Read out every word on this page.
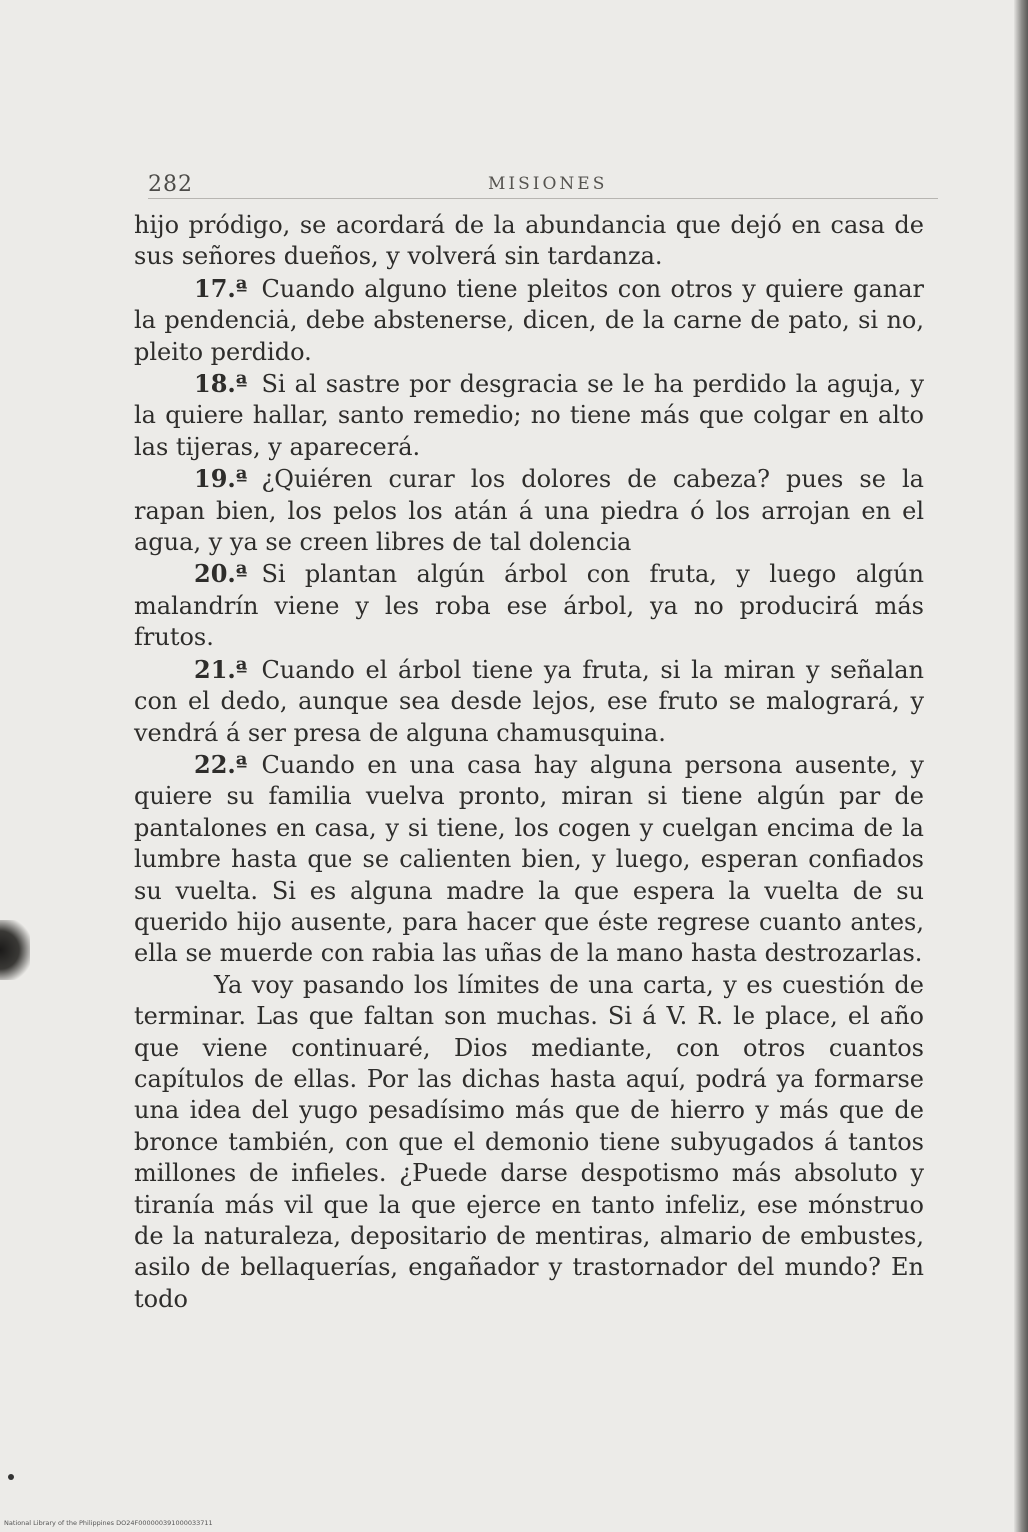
282	MISIONES

hijo pródigo, se acordará de la abundancia que dejó en casa de sus señores dueños, y volverá sin tardanza.

17.ª Cuando alguno tiene pleitos con otros y quiere ganar la pendenciȧ, debe abstenerse, dicen, de la carne de pato, si no, pleito perdido.

18.ª Si al sastre por desgracia se le ha perdido la aguja, y la quiere hallar, santo remedio; no tiene más que colgar en alto las tijeras, y aparecerá.

19.ª ¿Quiéren curar los dolores de cabeza? pues se la rapan bien, los pelos los atán á una piedra ó los arrojan en el agua, y ya se creen libres de tal dolencia

20.ª Si plantan algún árbol con fruta, y luego algún malandrín viene y les roba ese árbol, ya no producirá más frutos.

21.ª Cuando el árbol tiene ya fruta, si la miran y señalan con el dedo, aunque sea desde lejos, ese fruto se malogrará, y vendrá á ser presa de alguna chamusquina.

22.ª Cuando en una casa hay alguna persona ausente, y quiere su familia vuelva pronto, miran si tiene algún par de pantalones en casa, y si tiene, los cogen y cuelgan encima de la lumbre hasta que se calienten bien, y luego, esperan confiados su vuelta. Si es alguna madre la que espera la vuelta de su querido hijo ausente, para hacer que éste regrese cuanto antes, ella se muerde con rabia las uñas de la mano hasta destrozarlas.

Ya voy pasando los límites de una carta, y es cuestión de terminar. Las que faltan son muchas. Si á V. R. le place, el año que viene continuaré, Dios mediante, con otros cuantos capítulos de ellas. Por las dichas hasta aquí, podrá ya formarse una idea del yugo pesadísimo más que de hierro y más que de bronce también, con que el demonio tiene subyugados á tantos millones de infieles. ¿Puede darse despotismo más absoluto y tiranía más vil que la que ejerce en tanto infeliz, ese mónstruo de la naturaleza, depositario de mentiras, almario de embustes, asilo de bellaquerías, engañador y trastornador del mundo? En todo

National Library of the Philippines DO24F000000391000033711
